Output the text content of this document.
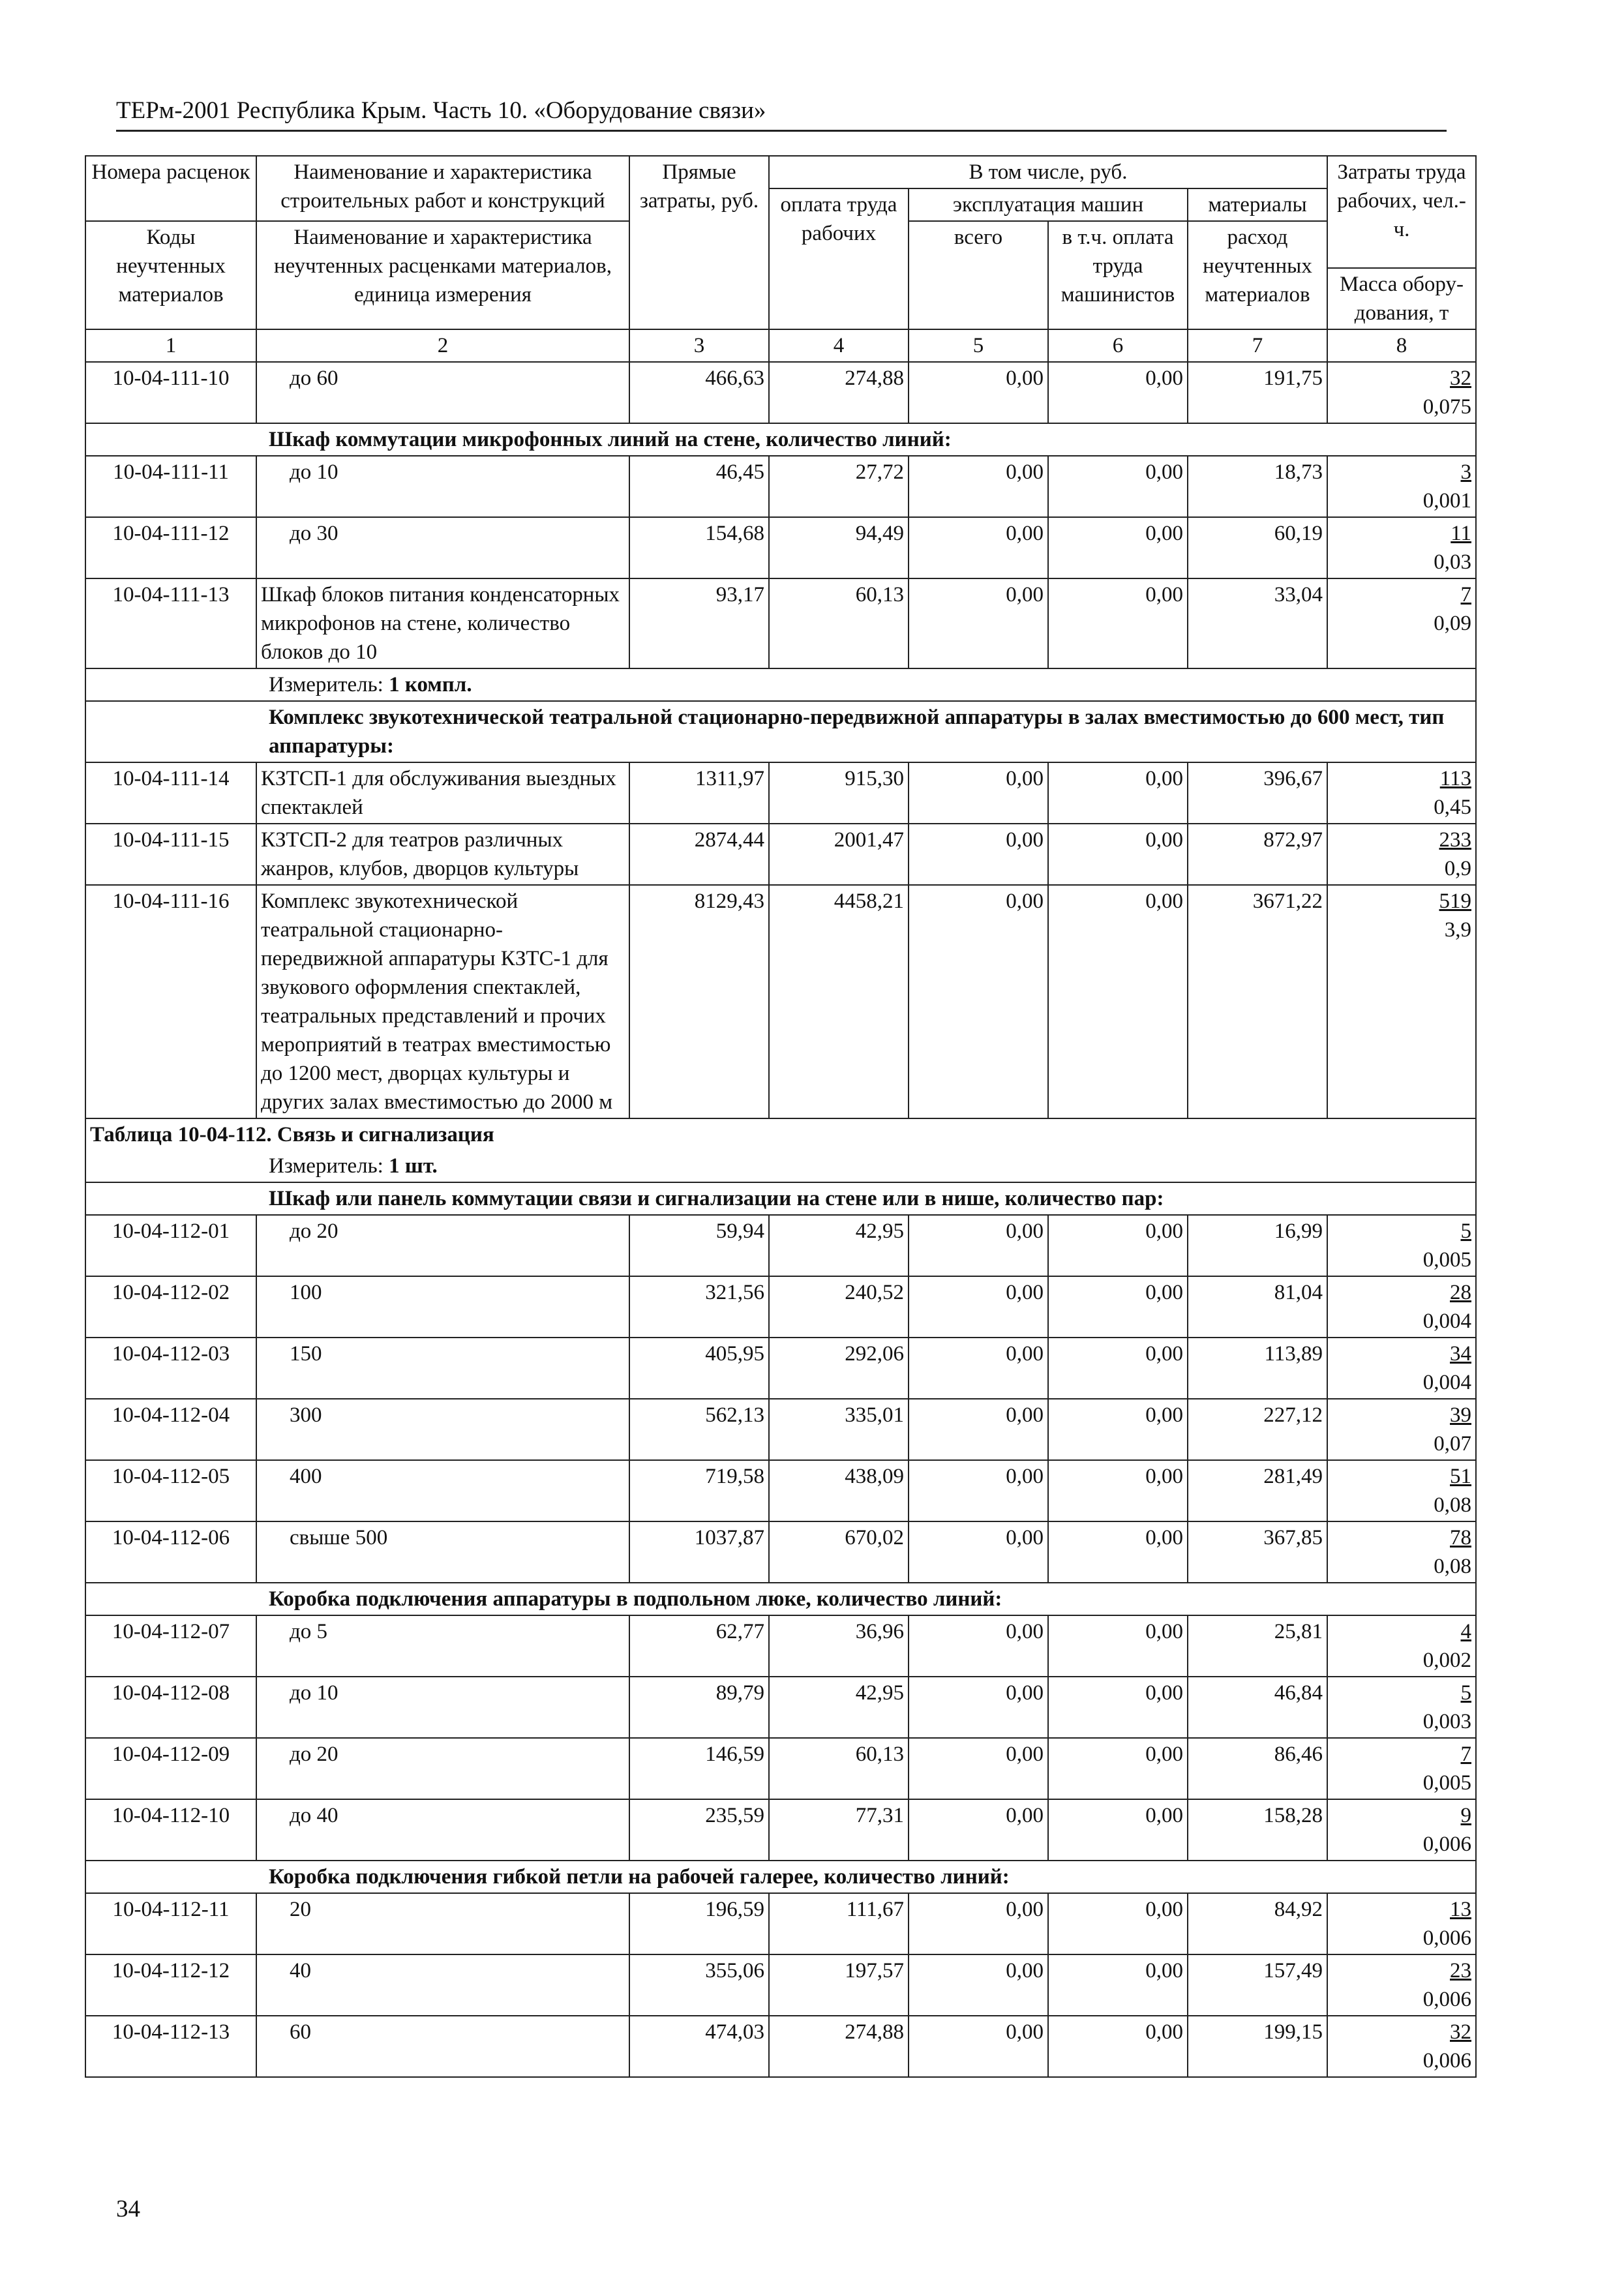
ТЕРм-2001 Республика Крым. Часть 10. «Оборудование связи»
Номера расценок	Наименование и характеристика строительных работ и конструкций	Прямые затраты, руб.	В том числе, руб.				Затраты труда рабочих, чел.-ч.
			оплата труда рабочих	эксплуатация машин		материалы	
Коды неучтенных материалов	Наименование и характеристика неучтенных расценками материалов, единица измерения			всего	в т.ч. оплата труда машинистов	расход неучтенных материалов	
							Масса обору-дования, т
1	2	3	4	5	6	7	8
10-04-111-10	до 60	466,63	274,88	0,00	0,00	191,75	32
0,075

Шкаф коммутации микрофонных линий на стене, количество линий:							
10-04-111-11	до 10	46,45	27,72	0,00	0,00	18,73	3
0,001

10-04-111-12	до 30	154,68	94,49	0,00	0,00	60,19	11
0,03

10-04-111-13	Шкаф блоков питания конденсаторных микрофонов на стене, количество блоков до 10	93,17	60,13	0,00	0,00	33,04	7
0,09

Измеритель: 1 компл.							
Комплекс звукотехнической театральной стационарно-передвижной аппаратуры в залах вместимостью до 600 мест, тип аппаратуры:							
10-04-111-14	КЗТСП-1 для обслуживания выездных спектаклей	1311,97	915,30	0,00	0,00	396,67	113
0,45

10-04-111-15	КЗТСП-2 для театров различных жанров, клубов, дворцов культуры	2874,44	2001,47	0,00	0,00	872,97	233
0,9

10-04-111-16	Комплекс звукотехнической театральной стационарно-передвижной аппаратуры КЗТС-1 для звукового оформления спектаклей, театральных представлений и прочих мероприятий в театрах вместимостью до 1200 мест, дворцах культуры и других залах вместимостью до 2000 м	8129,43	4458,21	0,00	0,00	3671,22	519
3,9

Таблица 10-04-112. Связь и сигнализация							
Измеритель: 1 шт.							
Шкаф или панель коммутации связи и сигнализации на стене или в нише, количество пар:							
10-04-112-01	до 20	59,94	42,95	0,00	0,00	16,99	5
0,005

10-04-112-02	100	321,56	240,52	0,00	0,00	81,04	28
0,004

10-04-112-03	150	405,95	292,06	0,00	0,00	113,89	34
0,004

10-04-112-04	300	562,13	335,01	0,00	0,00	227,12	39
0,07

10-04-112-05	400	719,58	438,09	0,00	0,00	281,49	51
0,08

10-04-112-06	свыше 500	1037,87	670,02	0,00	0,00	367,85	78
0,08

Коробка подключения аппаратуры в подпольном люке, количество линий:							
10-04-112-07	до 5	62,77	36,96	0,00	0,00	25,81	4
0,002

10-04-112-08	до 10	89,79	42,95	0,00	0,00	46,84	5
0,003

10-04-112-09	до 20	146,59	60,13	0,00	0,00	86,46	7
0,005

10-04-112-10	до 40	235,59	77,31	0,00	0,00	158,28	9
0,006

Коробка подключения гибкой петли на рабочей галерее, количество линий:							
10-04-112-11	20	196,59	111,67	0,00	0,00	84,92	13
0,006

10-04-112-12	40	355,06	197,57	0,00	0,00	157,49	23
0,006

10-04-112-13	60	474,03	274,88	0,00	0,00	199,15	32
0,006
34
